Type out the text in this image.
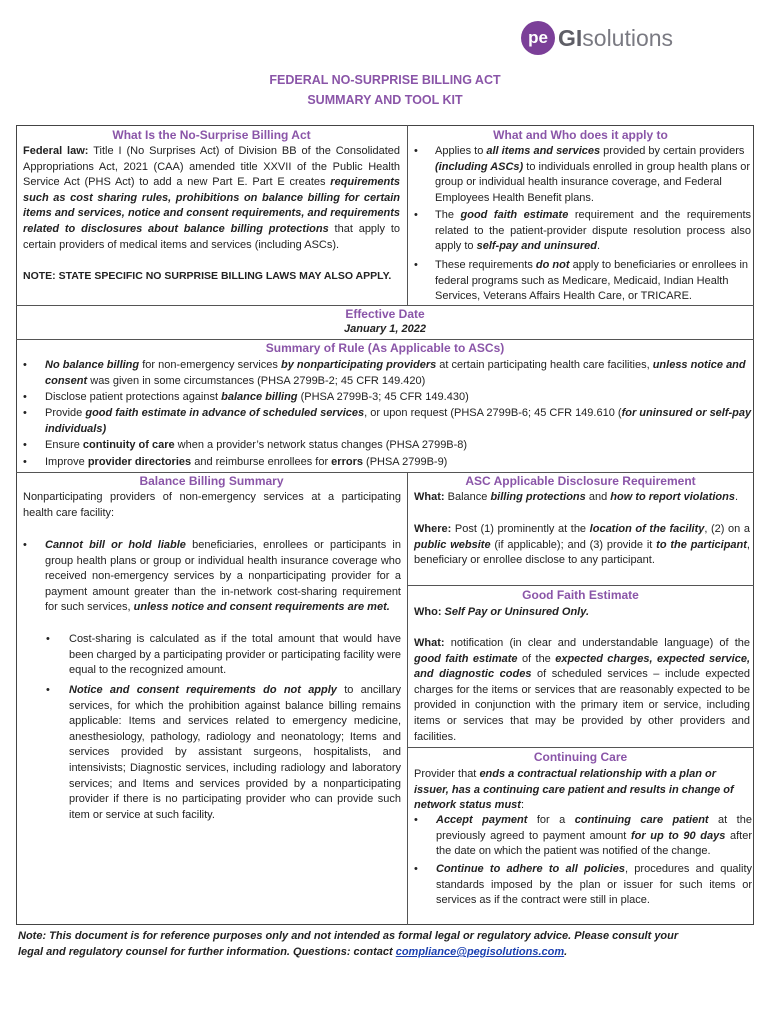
pe GIsolutions
FEDERAL NO-SURPRISE BILLING ACT
SUMMARY AND TOOL KIT
What Is the No-Surprise Billing Act
Federal law: Title I (No Surprises Act) of Division BB of the Consolidated Appropriations Act, 2021 (CAA) amended title XXVII of the Public Health Service Act (PHS Act) to add a new Part E. Part E creates requirements such as cost sharing rules, prohibitions on balance billing for certain items and services, notice and consent requirements, and requirements related to disclosures about balance billing protections that apply to certain providers of medical items and services (including ASCs).
NOTE: STATE SPECIFIC NO SURPRISE BILLING LAWS MAY ALSO APPLY.
What and Who does it apply to
• Applies to all items and services provided by certain providers (including ASCs) to individuals enrolled in group health plans or group or individual health insurance coverage, and Federal Employees Health Benefit plans.
• The good faith estimate requirement and the requirements related to the patient-provider dispute resolution process also apply to self-pay and uninsured.
• These requirements do not apply to beneficiaries or enrollees in federal programs such as Medicare, Medicaid, Indian Health Services, Veterans Affairs Health Care, or TRICARE.
Effective Date
January 1, 2022
Summary of Rule (As Applicable to ASCs)
• No balance billing for non-emergency services by nonparticipating providers at certain participating health care facilities, unless notice and consent was given in some circumstances (PHSA 2799B-2; 45 CFR 149.420)
• Disclose patient protections against balance billing (PHSA 2799B-3; 45 CFR 149.430)
• Provide good faith estimate in advance of scheduled services, or upon request (PHSA 2799B-6; 45 CFR 149.610 (for uninsured or self-pay individuals)
• Ensure continuity of care when a provider’s network status changes (PHSA 2799B-8)
• Improve provider directories and reimburse enrollees for errors (PHSA 2799B-9)
Balance Billing Summary
Nonparticipating providers of non-emergency services at a participating health care facility:
• Cannot bill or hold liable beneficiaries, enrollees or participants in group health plans or group or individual health insurance coverage who received non-emergency services by a nonparticipating provider for a payment amount greater than the in-network cost-sharing requirement for such services, unless notice and consent requirements are met.
• Cost-sharing is calculated as if the total amount that would have been charged by a participating provider or participating facility were equal to the recognized amount.
• Notice and consent requirements do not apply to ancillary services, for which the prohibition against balance billing remains applicable: Items and services related to emergency medicine, anesthesiology, pathology, radiology and neonatology; Items and services provided by assistant surgeons, hospitalists, and intensivists; Diagnostic services, including radiology and laboratory services; and Items and services provided by a nonparticipating provider if there is no participating provider who can provide such item or service at such facility.
ASC Applicable Disclosure Requirement
What: Balance billing protections and how to report violations.
Where: Post (1) prominently at the location of the facility, (2) on a public website (if applicable); and (3) provide it to the participant, beneficiary or enrollee disclose to any participant.
Good Faith Estimate
Who: Self Pay or Uninsured Only.
What: notification (in clear and understandable language) of the good faith estimate of the expected charges, expected service, and diagnostic codes of scheduled services – include expected charges for the items or services that are reasonably expected to be provided in conjunction with the primary item or service, including items or services that may be provided by other providers and facilities.
Continuing Care
Provider that ends a contractual relationship with a plan or issuer, has a continuing care patient and results in change of network status must:
• Accept payment for a continuing care patient at the previously agreed to payment amount for up to 90 days after the date on which the patient was notified of the change.
• Continue to adhere to all policies, procedures and quality standards imposed by the plan or issuer for such items or services as if the contract were still in place.
Note: This document is for reference purposes only and not intended as formal legal or regulatory advice. Please consult your
legal and regulatory counsel for further information. Questions: contact compliance@pegisolutions.com.
